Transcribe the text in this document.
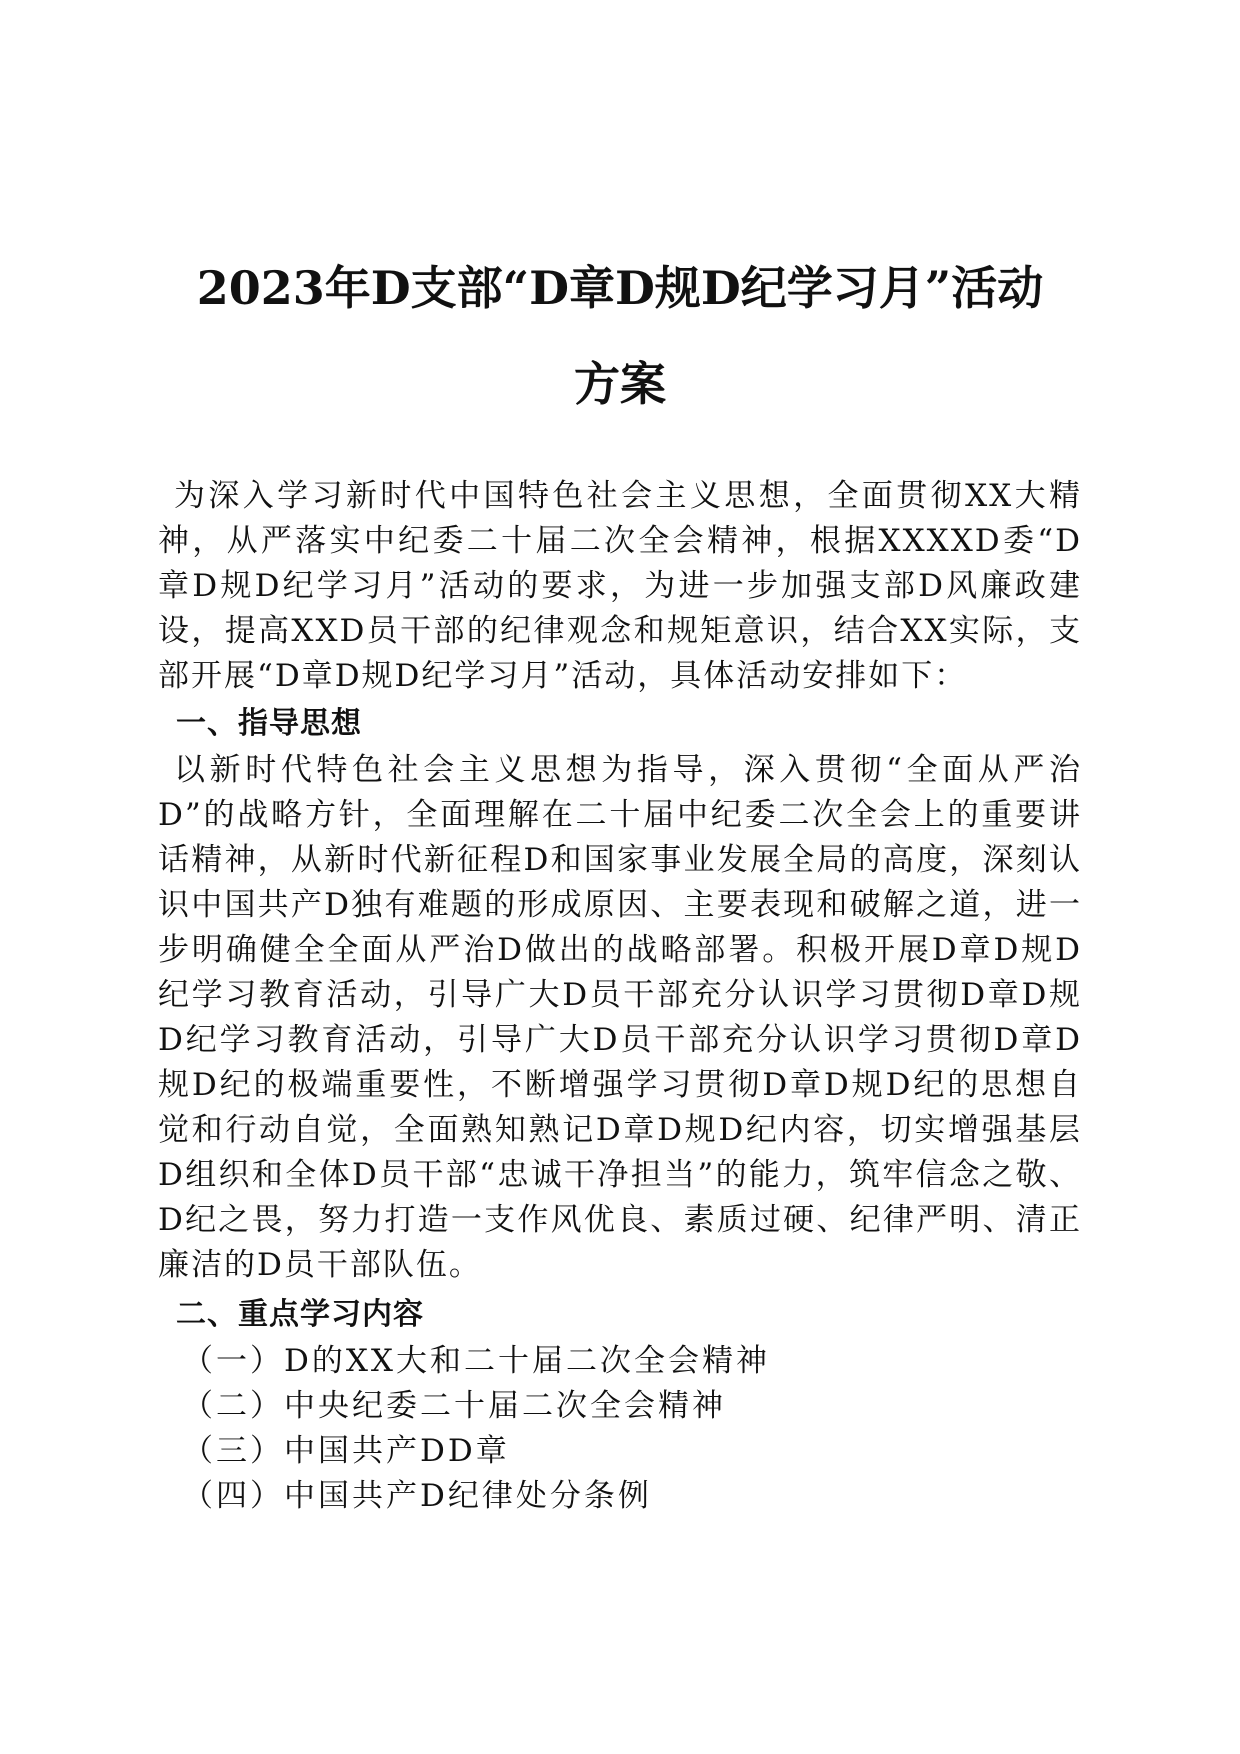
2023年D支部“D章D规D纪学习月”活动
方案

为深入学习新时代中国特色社会主义思想，全面贯彻XX大精神，从严落实中纪委二十届二次全会精神，根据XXXXD委“D章D规D纪学习月”活动的要求，为进一步加强支部D风廉政建设，提高XXD员干部的纪律观念和规矩意识，结合XX实际，支部开展“D章D规D纪学习月”活动，具体活动安排如下：

一、指导思想

以新时代特色社会主义思想为指导，深入贯彻“全面从严治D”的战略方针，全面理解在二十届中纪委二次全会上的重要讲话精神，从新时代新征程D和国家事业发展全局的高度，深刻认识中国共产D独有难题的形成原因、主要表现和破解之道，进一步明确健全全面从严治D做出的战略部署。积极开展D章D规D纪学习教育活动，引导广大D员干部充分认识学习贯彻D章D规D纪学习教育活动，引导广大D员干部充分认识学习贯彻D章D规D纪的极端重要性，不断增强学习贯彻D章D规D纪的思想自觉和行动自觉，全面熟知熟记D章D规D纪内容，切实增强基层D组织和全体D员干部“忠诚干净担当”的能力，筑牢信念之敬、D纪之畏，努力打造一支作风优良、素质过硬、纪律严明、清正廉洁的D员干部队伍。

二、重点学习内容
（一）D的XX大和二十届二次全会精神
（二）中央纪委二十届二次全会精神
（三）中国共产DD章
（四）中国共产D纪律处分条例
